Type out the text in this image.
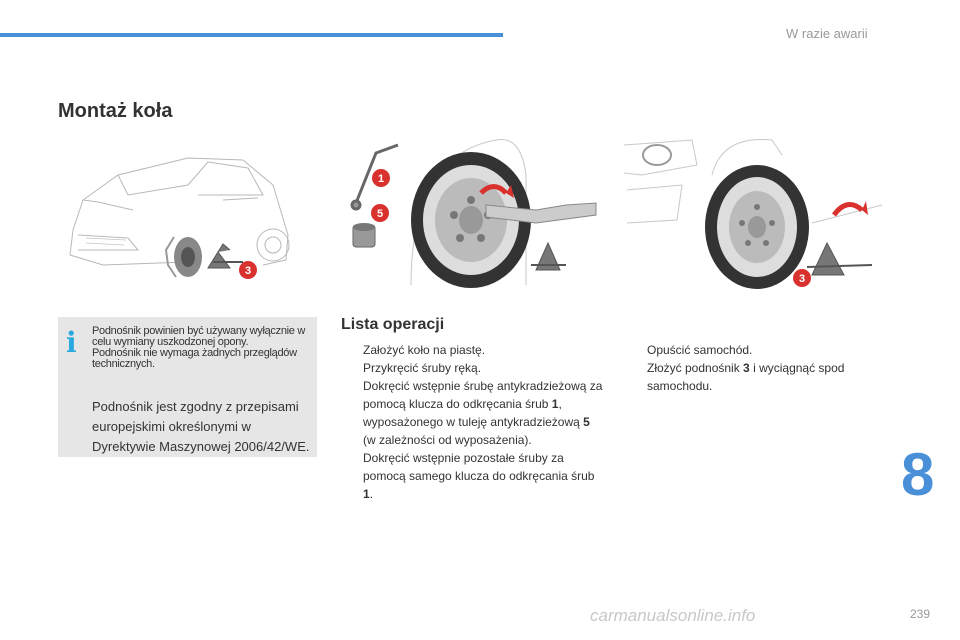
W razie awarii
Montaż koła
3
1
5
3
i Podnośnik powinien być używany wyłącznie w celu wymiany uszkodzonej opony.

Podnośnik nie wymaga żadnych przeglądów technicznych.

Podnośnik jest zgodny z przepisami europejskimi określonymi w Dyrektywie Maszynowej 2006/42/WE.
Lista operacji
Założyć koło na piastę.
Przykręcić śruby ręką.
Dokręcić wstępnie śrubę antykradzieżową za pomocą klucza do odkręcania śrub 1, wyposażonego w tuleję antykradzieżową 5 (w zależności od wyposażenia).
Dokręcić wstępnie pozostałe śruby za pomocą samego klucza do odkręcania śrub 1.
Opuścić samochód.
Złożyć podnośnik 3 i wyciągnąć spod samochodu.
8
239
carmanualsonline.info
